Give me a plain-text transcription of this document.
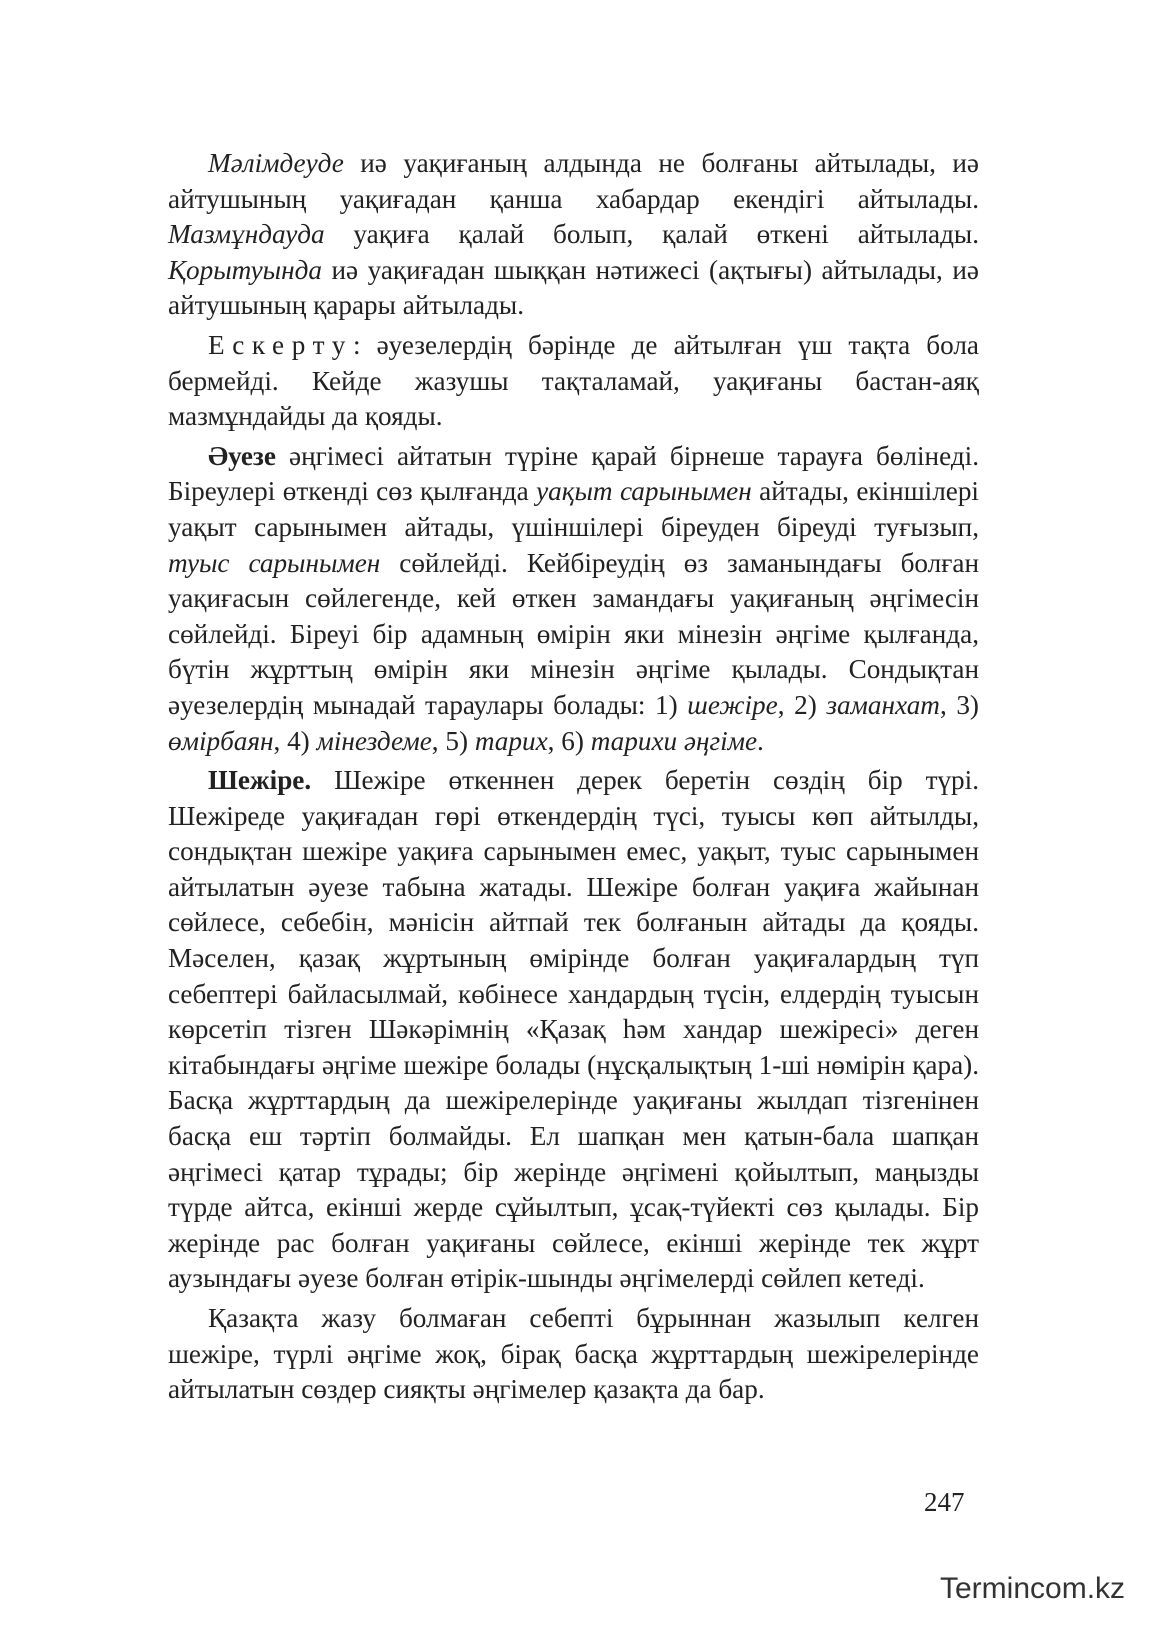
Мәлімдеуде иә уақиғаның алдында не болғаны айтылады, иә айтушының уақиғадан қанша хабардар екендігі айтылады. Мазмұндауда уақиға қалай болып, қалай өткені айтылады. Қорытуында иә уақиғадан шыққан нәтижесі (ақтығы) айтылады, иә айтушының қарары айтылады.

Ескерту: әуезелердің бәрінде де айтылған үш тақта бола бермейді. Кейде жазушы тақталамай, уақиғаны бастан-аяқ мазмұндайды да қояды.

Әуезе әңгімесі айтатын түріне қарай бірнеше тарауға бөлінеді. Біреулері өткенді сөз қылғанда уақыт сарынымен айтады, екіншілері уақыт сарынымен айтады, үшіншілері біреуден біреуді туғызып, туыс сарынымен сөйлейді. Кейбіреудің өз заманындағы болған уақиғасын сөйлегенде, кей өткен замандағы уақиғаның әңгімесін сөйлейді. Біреуі бір адамның өмірін яки мінезін әңгіме қылғанда, бүтін жұрттың өмірін яки мінезін әңгіме қылады. Сондықтан әуезелердің мынадай тараулары болады: 1) шежіре, 2) заманхат, 3) өмірбаян, 4) мінездеме, 5) тарих, 6) тарихи әңгіме.

Шежіре. Шежіре өткеннен дерек беретін сөздің бір түрі. Шежіреде уақиғадан гөрі өткендердің түсі, туысы көп айтылды, сондықтан шежіре уақиға сарынымен емес, уақыт, туыс сарынымен айтылатын әуезе табына жатады. Шежіре болған уақиға жайынан сөйлесе, себебін, мәнісін айтпай тек болғанын айтады да қояды. Мәселен, қазақ жұртының өмірінде болған уақиғалардың түп себептері байласылмай, көбінесе хандардың түсін, елдердің туысын көрсетіп тізген Шәкәрімнің «Қазақ һәм хандар шежіресі» деген кітабындағы әңгіме шежіре болады (нұсқалықтың 1-ші нөмірін қара). Басқа жұрттардың да шежірелерінде уақиғаны жылдап тізгенінен басқа еш тәртіп болмайды. Ел шапқан мен қатын-бала шапқан әңгімесі қатар тұрады; бір жерінде әңгімені қойылтып, маңызды түрде айтса, екінші жерде сұйылтып, ұсақ-түйекті сөз қылады. Бір жерінде рас болған уақиғаны сөйлесе, екінші жерінде тек жұрт аузындағы әуезе болған өтірік-шынды әңгімелерді сөйлеп кетеді.

Қазақта жазу болмаған себепті бұрыннан жазылып келген шежіре, түрлі әңгіме жоқ, бірақ басқа жұрттардың шежірелерінде айтылатын сөздер сияқты әңгімелер қазақта да бар.

247
Termincom.kz
